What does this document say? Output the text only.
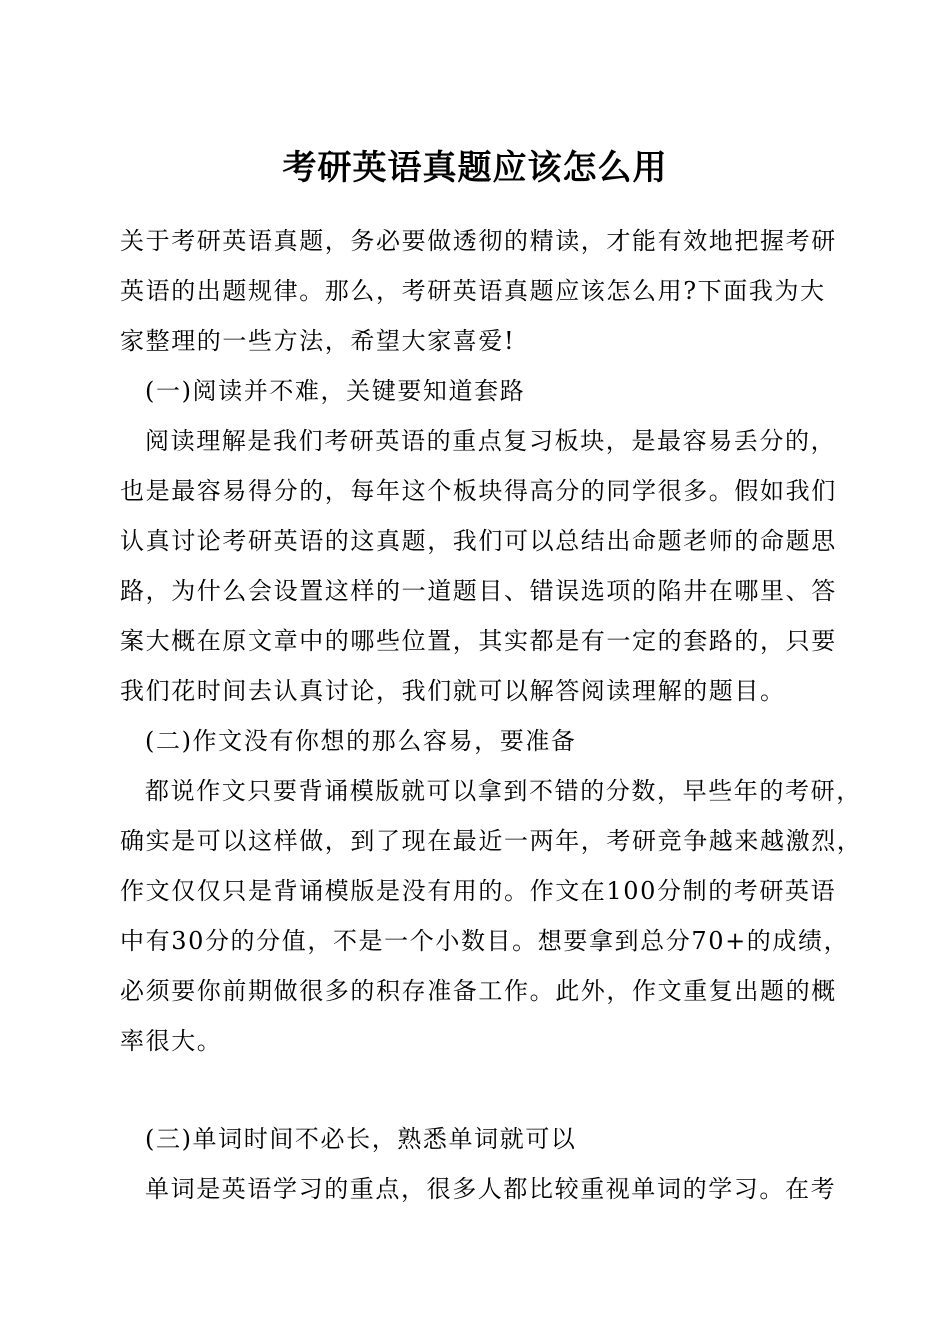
考研英语真题应该怎么用
关于考研英语真题，务必要做透彻的精读，才能有效地把握考研
英语的出题规律。那么，考研英语真题应该怎么用?下面我为大
家整理的一些方法，希望大家喜爱!
(一)阅读并不难，关键要知道套路
阅读理解是我们考研英语的重点复习板块，是最容易丢分的，
也是最容易得分的，每年这个板块得高分的同学很多。假如我们
认真讨论考研英语的这真题，我们可以总结出命题老师的命题思
路，为什么会设置这样的一道题目、错误选项的陷井在哪里、答
案大概在原文章中的哪些位置，其实都是有一定的套路的，只要
我们花时间去认真讨论，我们就可以解答阅读理解的题目。
(二)作文没有你想的那么容易，要准备
都说作文只要背诵模版就可以拿到不错的分数，早些年的考研，
确实是可以这样做，到了现在最近一两年，考研竞争越来越激烈，
作文仅仅只是背诵模版是没有用的。作文在100分制的考研英语
中有30分的分值，不是一个小数目。想要拿到总分70+的成绩，
必须要你前期做很多的积存准备工作。此外，作文重复出题的概
率很大。
(三)单词时间不必长，熟悉单词就可以
单词是英语学习的重点，很多人都比较重视单词的学习。在考
